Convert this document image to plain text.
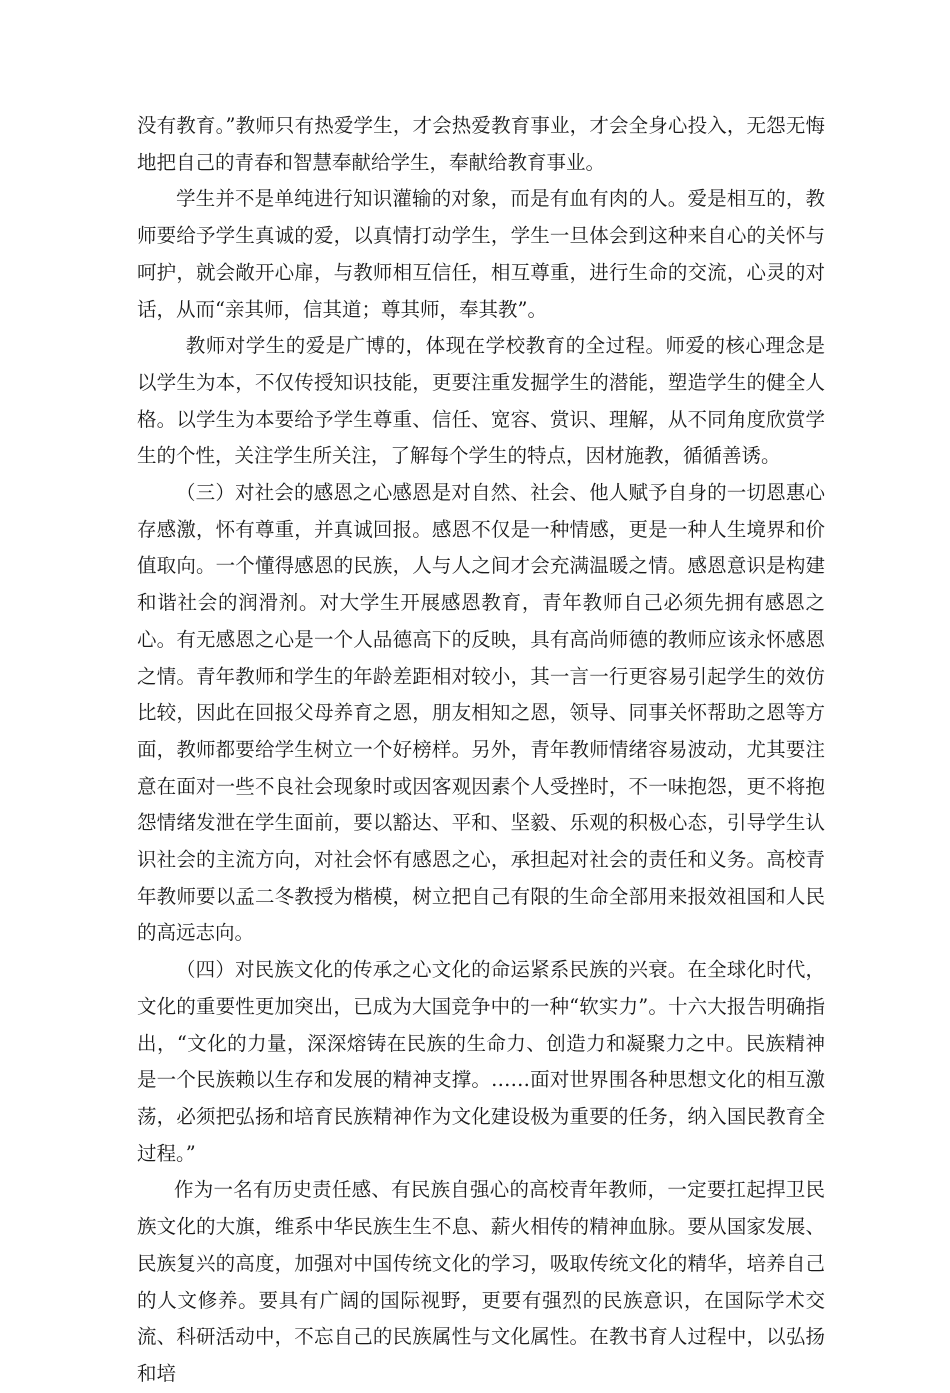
没有教育。”教师只有热爱学生，才会热爱教育事业，才会全身心投入，无怨无悔地把自己的青春和智慧奉献给学生，奉献给教育事业。

学生并不是单纯进行知识灌输的对象，而是有血有肉的人。爱是相互的，教师要给予学生真诚的爱，以真情打动学生，学生一旦体会到这种来自心的关怀与呵护，就会敞开心扉，与教师相互信任，相互尊重，进行生命的交流，心灵的对话，从而“亲其师，信其道；尊其师，奉其教”。

教师对学生的爱是广博的，体现在学校教育的全过程。师爱的核心理念是以学生为本，不仅传授知识技能，更要注重发掘学生的潜能，塑造学生的健全人格。以学生为本要给予学生尊重、信任、宽容、赏识、理解，从不同角度欣赏学生的个性，关注学生所关注，了解每个学生的特点，因材施教，循循善诱。

（三）对社会的感恩之心感恩是对自然、社会、他人赋予自身的一切恩惠心存感激，怀有尊重，并真诚回报。感恩不仅是一种情感，更是一种人生境界和价值取向。一个懂得感恩的民族，人与人之间才会充满温暖之情。感恩意识是构建和谐社会的润滑剂。对大学生开展感恩教育，青年教师自己必须先拥有感恩之心。有无感恩之心是一个人品德高下的反映，具有高尚师德的教师应该永怀感恩之情。青年教师和学生的年龄差距相对较小，其一言一行更容易引起学生的效仿比较，因此在回报父母养育之恩，朋友相知之恩，领导、同事关怀帮助之恩等方面，教师都要给学生树立一个好榜样。另外，青年教师情绪容易波动，尤其要注意在面对一些不良社会现象时或因客观因素个人受挫时，不一味抱怨，更不将抱怨情绪发泄在学生面前，要以豁达、平和、坚毅、乐观的积极心态，引导学生认识社会的主流方向，对社会怀有感恩之心，承担起对社会的责任和义务。高校青年教师要以孟二冬教授为楷模，树立把自己有限的生命全部用来报效祖国和人民的高远志向。

（四）对民族文化的传承之心文化的命运紧系民族的兴衰。在全球化时代，文化的重要性更加突出，已成为大国竞争中的一种“软实力”。十六大报告明确指出，“文化的力量，深深熔铸在民族的生命力、创造力和凝聚力之中。民族精神是一个民族赖以生存和发展的精神支撑。……面对世界围各种思想文化的相互激荡，必须把弘扬和培育民族精神作为文化建设极为重要的任务，纳入国民教育全过程。”

作为一名有历史责任感、有民族自强心的高校青年教师，一定要扛起捍卫民族文化的大旗，维系中华民族生生不息、薪火相传的精神血脉。要从国家发展、民族复兴的高度，加强对中国传统文化的学习，吸取传统文化的精华，培养自己的人文修养。要具有广阔的国际视野，更要有强烈的民族意识，在国际学术交流、科研活动中，不忘自己的民族属性与文化属性。在教书育人过程中，以弘扬和培
